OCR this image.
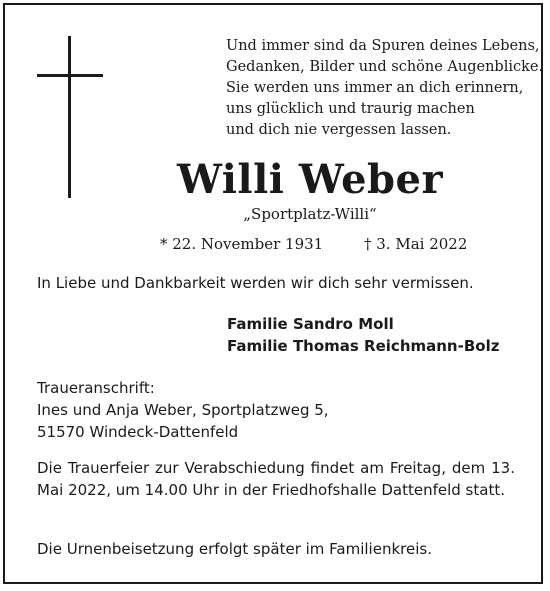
Und immer sind da Spuren deines Lebens,
Gedanken, Bilder und schöne Augenblicke.
Sie werden uns immer an dich erinnern,
uns glücklich und traurig machen
und dich nie vergessen lassen.
Willi Weber
„Sportplatz-Willi“
* 22. November 1931	† 3. Mai 2022
In Liebe und Dankbarkeit werden wir dich sehr vermissen.
Familie Sandro Moll
Familie Thomas Reichmann-Bolz
Traueranschrift:
Ines und Anja Weber, Sportplatzweg 5,
51570 Windeck-Dattenfeld
Die Trauerfeier zur Verabschiedung findet am Freitag, dem 13. Mai 2022, um 14.00 Uhr in der Friedhofshalle Dattenfeld statt.
Die Urnenbeisetzung erfolgt später im Familienkreis.
